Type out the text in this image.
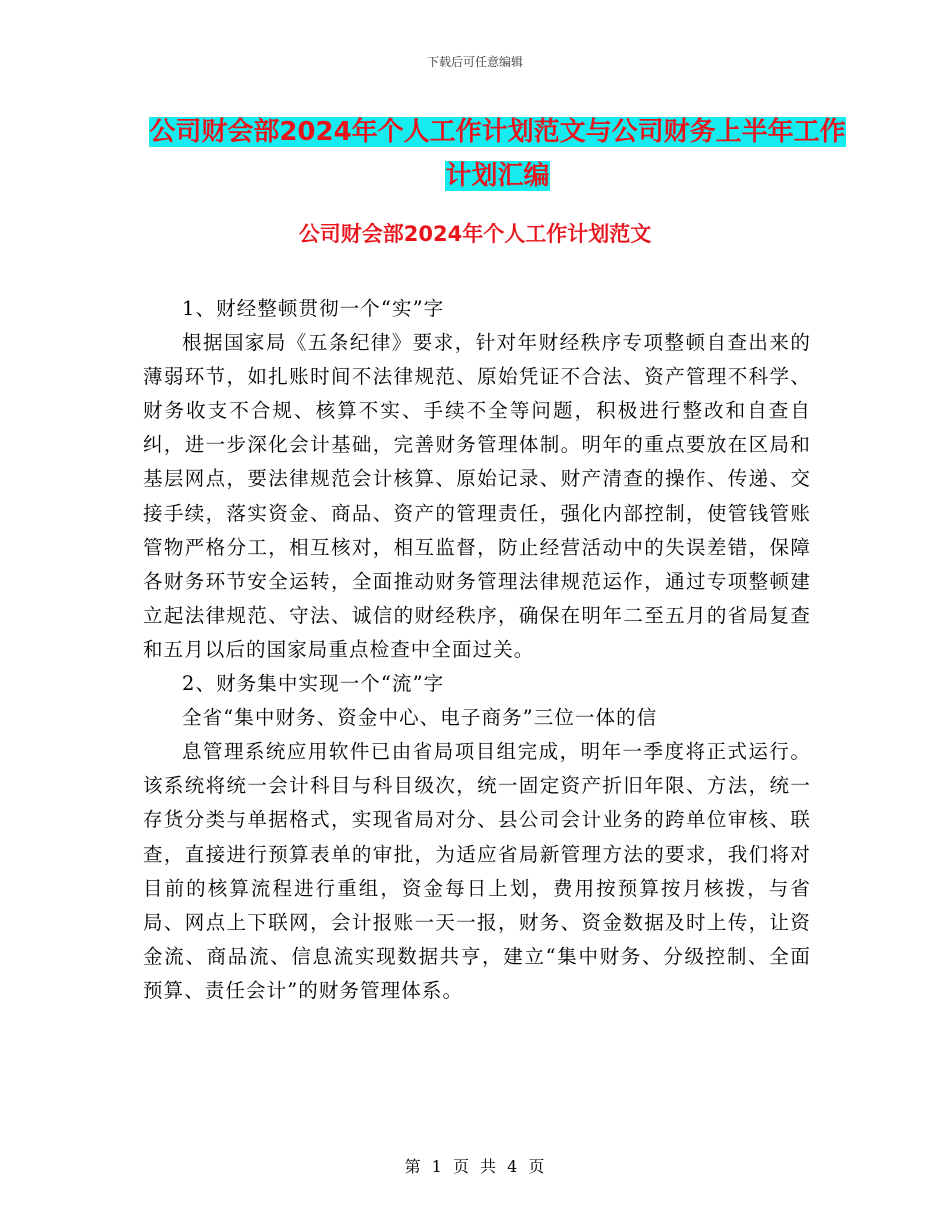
下载后可任意编辑
公司财会部2024年个人工作计划范文与公司财务上半年工作计划汇编
公司财会部2024年个人工作计划范文

1、财经整顿贯彻一个“实”字

根据国家局《五条纪律》要求，针对年财经秩序专项整顿自查出来的薄弱环节，如扎账时间不法律规范、原始凭证不合法、资产管理不科学、财务收支不合规、核算不实、手续不全等问题，积极进行整改和自查自纠，进一步深化会计基础，完善财务管理体制。明年的重点要放在区局和基层网点，要法律规范会计核算、原始记录、财产清查的操作、传递、交接手续，落实资金、商品、资产的管理责任，强化内部控制，使管钱管账管物严格分工，相互核对，相互监督，防止经营活动中的失误差错，保障各财务环节安全运转，全面推动财务管理法律规范运作，通过专项整顿建立起法律规范、守法、诚信的财经秩序，确保在明年二至五月的省局复查和五月以后的国家局重点检查中全面过关。

2、财务集中实现一个“流”字

全省“集中财务、资金中心、电子商务”三位一体的信

息管理系统应用软件已由省局项目组完成，明年一季度将正式运行。该系统将统一会计科目与科目级次，统一固定资产折旧年限、方法，统一存货分类与单据格式，实现省局对分、县公司会计业务的跨单位审核、联查，直接进行预算表单的审批，为适应省局新管理方法的要求，我们将对目前的核算流程进行重组，资金每日上划，费用按预算按月核拨，与省局、网点上下联网，会计报账一天一报，财务、资金数据及时上传，让资金流、商品流、信息流实现数据共亨，建立“集中财务、分级控制、全面预算、责任会计”的财务管理体系。

第 1 页 共 4 页
